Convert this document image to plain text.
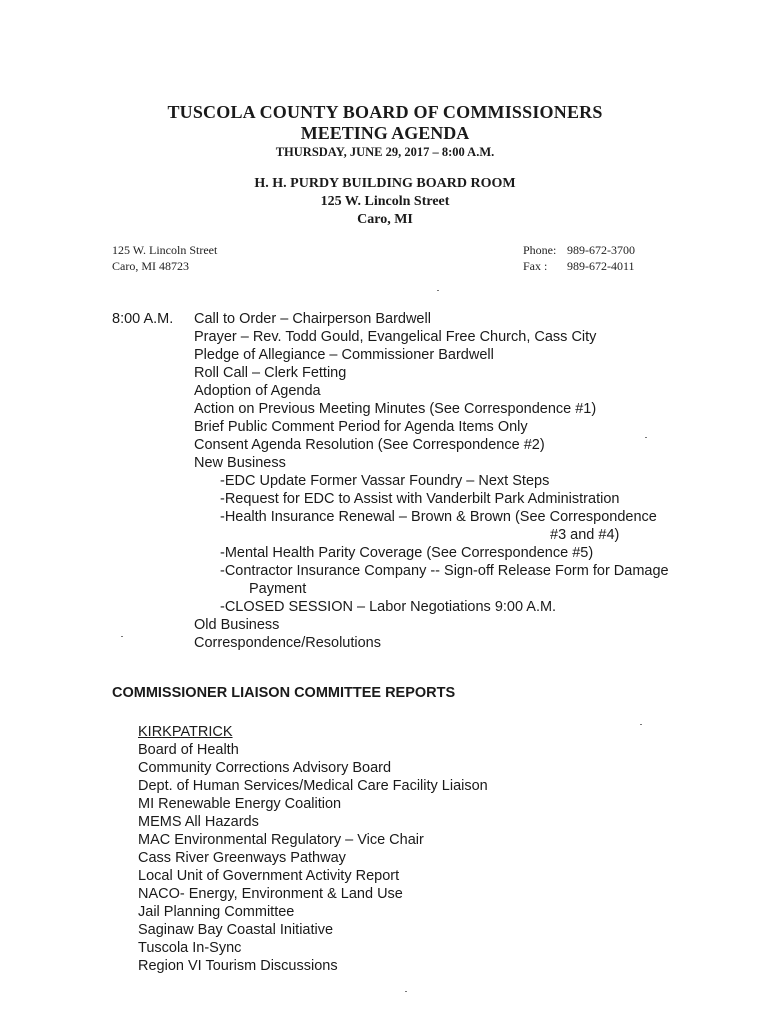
TUSCOLA COUNTY BOARD OF COMMISSIONERS
MEETING AGENDA
THURSDAY, JUNE 29, 2017 – 8:00 A.M.
H. H. PURDY BUILDING BOARD ROOM
125 W. Lincoln Street
Caro, MI
125 W. Lincoln Street
Caro, MI 48723
Phone: 989-672-3700
Fax :	989-672-4011
8:00 A.M. Call to Order – Chairperson Bardwell
Prayer – Rev. Todd Gould, Evangelical Free Church, Cass City
Pledge of Allegiance – Commissioner Bardwell
Roll Call – Clerk Fetting
Adoption of Agenda
Action on Previous Meeting Minutes (See Correspondence #1)
Brief Public Comment Period for Agenda Items Only
Consent Agenda Resolution (See Correspondence #2)
New Business
-EDC Update Former Vassar Foundry – Next Steps
-Request for EDC to Assist with Vanderbilt Park Administration
-Health Insurance Renewal – Brown & Brown (See Correspondence
#3 and #4)
-Mental Health Parity Coverage (See Correspondence #5)
-Contractor Insurance Company -- Sign-off Release Form for Damage
Payment
-CLOSED SESSION – Labor Negotiations 9:00 A.M.
Old Business
Correspondence/Resolutions
COMMISSIONER LIAISON COMMITTEE REPORTS
KIRKPATRICK
Board of Health
Community Corrections Advisory Board
Dept. of Human Services/Medical Care Facility Liaison
MI Renewable Energy Coalition
MEMS All Hazards
MAC Environmental Regulatory – Vice Chair
Cass River Greenways Pathway
Local Unit of Government Activity Report
NACO- Energy, Environment & Land Use
Jail Planning Committee
Saginaw Bay Coastal Initiative
Tuscola In-Sync
Region VI Tourism Discussions
